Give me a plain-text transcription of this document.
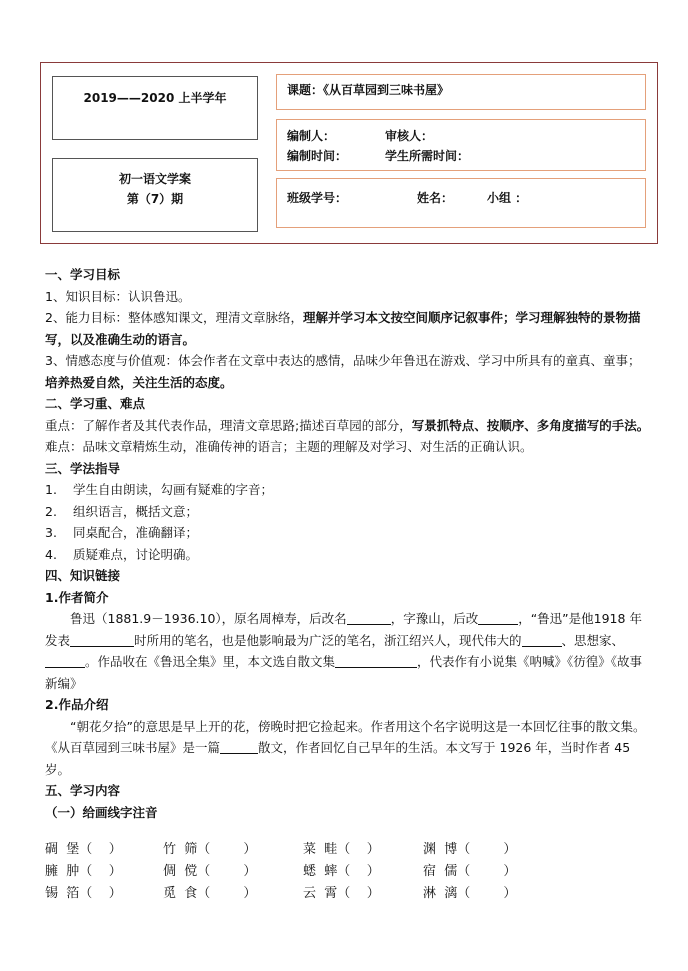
2019——2020 上半学年
初一语文学案
第（7）期
课题：《从百草园到三味书屋》
编制人：	审核人：
编制时间：	学生所需时间：
班级学号：	姓名：	小组 ：

一、学习目标

1、知识目标：认识鲁迅。

2、能力目标：整体感知课文，理清文章脉络，理解并学习本文按空间顺序记叙事件；学习理解独特的景物描写，以及准确生动的语言。

3、情感态度与价值观：体会作者在文章中表达的感情，品味少年鲁迅在游戏、学习中所具有的童真、童事；培养热爱自然，关注生活的态度。

二、学习重、难点

重点：了解作者及其代表作品，理清文章思路;描述百草园的部分，写景抓特点、按顺序、多角度描写的手法。

难点：品味文章精炼生动，准确传神的语言；主题的理解及对学习、对生活的正确认识。

三、学法指导

1. 学生自由朗读，勾画有疑难的字音；

2. 组织语言，概括文意；

3. 同桌配合，准确翻译；

4. 质疑难点，讨论明确。

四、知识链接

1.作者简介

鲁迅（1881.9－1936.10），原名周樟寿，后改名	，字豫山，后改	，“鲁迅”是他1918 年发表	时所用的笔名，也是他影响最为广泛的笔名，浙江绍兴人，现代伟大的	、思想家、。作品收在《鲁迅全集》里，本文选自散文集	，代表作有小说集《呐喊》《彷徨》《故事新编》

2.作品介绍

“朝花夕拾”的意思是早上开的花，傍晚时把它捡起来。作者用这个名字说明这是一本回忆往事的散文集。《从百草园到三味书屋》是一篇	散文，作者回忆自己早年的生活。本文写于 1926 年，当时作者 45 岁。

五、学习内容

（一）给画线字注音

碉  堡（    ）	竹  筛（        ）	菜  畦（    ）	渊  博（        ）
臃  肿（    ）	倜  傥（        ）	蟋  蟀（    ）	宿  儒（        ）
锡  箔（    ）	觅  食（        ）	云  霄（    ）	淋  漓（        ）
